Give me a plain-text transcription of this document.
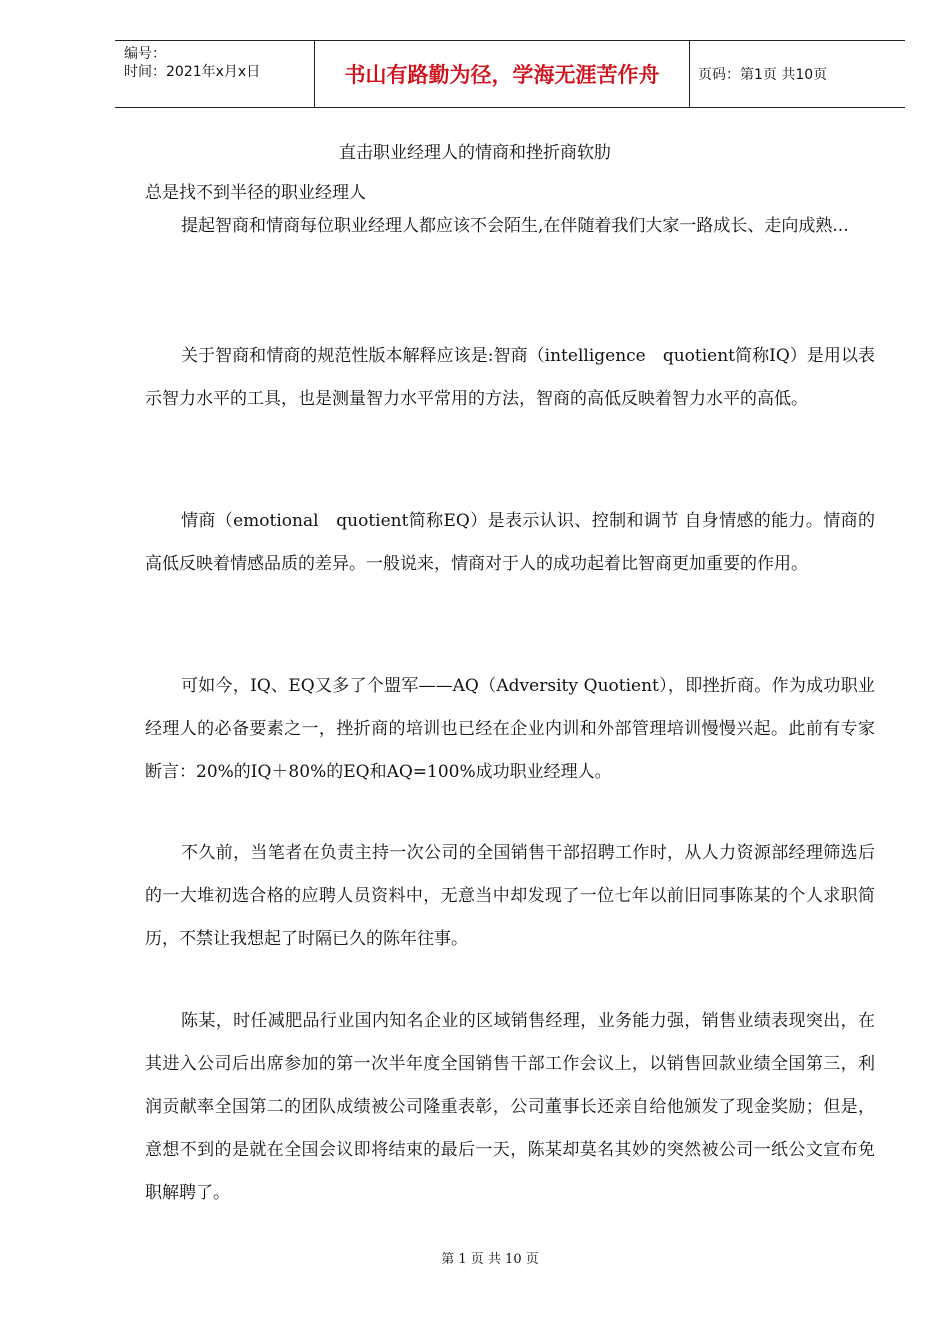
编号：
时间：2021年x月x日	书山有路勤为径，学海无涯苦作舟	页码：第1页 共10页
直击职业经理人的情商和挫折商软肋
总是找不到半径的职业经理人
提起智商和情商每位职业经理人都应该不会陌生,在伴随着我们大家一路成长、走向成熟...
关于智商和情商的规范性版本解释应该是:智商（intelligence　quotient简称IQ）是用以表示智力水平的工具，也是测量智力水平常用的方法，智商的高低反映着智力水平的高低。
情商（emotional　quotient简称EQ）是表示认识、控制和调节 自身情感的能力。情商的高低反映着情感品质的差异。一般说来，情商对于人的成功起着比智商更加重要的作用。
可如今，IQ、EQ又多了个盟军——AQ（Adversity Quotient），即挫折商。作为成功职业经理人的必备要素之一，挫折商的培训也已经在企业内训和外部管理培训慢慢兴起。此前有专家断言：20%的IQ＋80%的EQ和AQ=100%成功职业经理人。
不久前，当笔者在负责主持一次公司的全国销售干部招聘工作时，从人力资源部经理筛选后的一大堆初选合格的应聘人员资料中，无意当中却发现了一位七年以前旧同事陈某的个人求职简历，不禁让我想起了时隔已久的陈年往事。
陈某，时任减肥品行业国内知名企业的区域销售经理，业务能力强，销售业绩表现突出，在其进入公司后出席参加的第一次半年度全国销售干部工作会议上，以销售回款业绩全国第三，利润贡献率全国第二的团队成绩被公司隆重表彰，公司董事长还亲自给他颁发了现金奖励；但是，意想不到的是就在全国会议即将结束的最后一天，陈某却莫名其妙的突然被公司一纸公文宣布免职解聘了。
第 1 页 共 10 页
